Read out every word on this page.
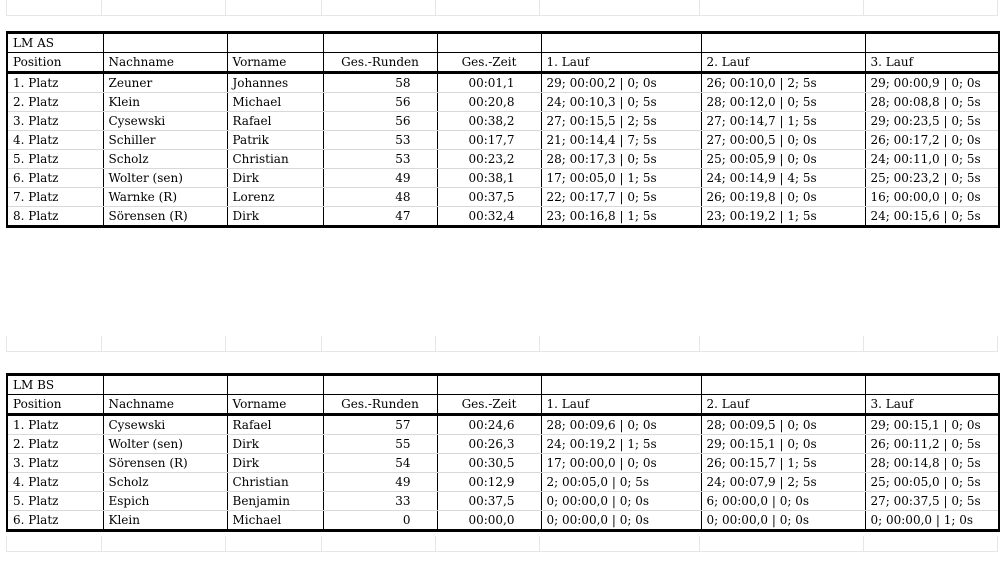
LM AS							
Position	Nachname	Vorname	Ges.-Runden	Ges.-Zeit	1. Lauf	2. Lauf	3. Lauf
1. Platz	Zeuner	Johannes	58	00:01,1	29; 00:00,2 | 0; 0s	26; 00:10,0 | 2; 5s	29; 00:00,9 | 0; 0s
2. Platz	Klein	Michael	56	00:20,8	24; 00:10,3 | 0; 5s	28; 00:12,0 | 0; 5s	28; 00:08,8 | 0; 5s
3. Platz	Cysewski	Rafael	56	00:38,2	27; 00:15,5 | 2; 5s	27; 00:14,7 | 1; 5s	29; 00:23,5 | 0; 5s
4. Platz	Schiller	Patrik	53	00:17,7	21; 00:14,4 | 7; 5s	27; 00:00,5 | 0; 0s	26; 00:17,2 | 0; 0s
5. Platz	Scholz	Christian	53	00:23,2	28; 00:17,3 | 0; 5s	25; 00:05,9 | 0; 0s	24; 00:11,0 | 0; 5s
6. Platz	Wolter (sen)	Dirk	49	00:38,1	17; 00:05,0 | 1; 5s	24; 00:14,9 | 4; 5s	25; 00:23,2 | 0; 5s
7. Platz	Warnke (R)	Lorenz	48	00:37,5	22; 00:17,7 | 0; 5s	26; 00:19,8 | 0; 0s	16; 00:00,0 | 0; 0s
8. Platz	Sörensen (R)	Dirk	47	00:32,4	23; 00:16,8 | 1; 5s	23; 00:19,2 | 1; 5s	24; 00:15,6 | 0; 5s
LM BS							
Position	Nachname	Vorname	Ges.-Runden	Ges.-Zeit	1. Lauf	2. Lauf	3. Lauf
1. Platz	Cysewski	Rafael	57	00:24,6	28; 00:09,6 | 0; 0s	28; 00:09,5 | 0; 0s	29; 00:15,1 | 0; 0s
2. Platz	Wolter (sen)	Dirk	55	00:26,3	24; 00:19,2 | 1; 5s	29; 00:15,1 | 0; 0s	26; 00:11,2 | 0; 5s
3. Platz	Sörensen (R)	Dirk	54	00:30,5	17; 00:00,0 | 0; 0s	26; 00:15,7 | 1; 5s	28; 00:14,8 | 0; 5s
4. Platz	Scholz	Christian	49	00:12,9	2; 00:05,0 | 0; 5s	24; 00:07,9 | 2; 5s	25; 00:05,0 | 0; 5s
5. Platz	Espich	Benjamin	33	00:37,5	0; 00:00,0 | 0; 0s	6; 00:00,0 | 0; 0s	27; 00:37,5 | 0; 5s
6. Platz	Klein	Michael	0	00:00,0	0; 00:00,0 | 0; 0s	0; 00:00,0 | 0; 0s	0; 00:00,0 | 1; 0s
